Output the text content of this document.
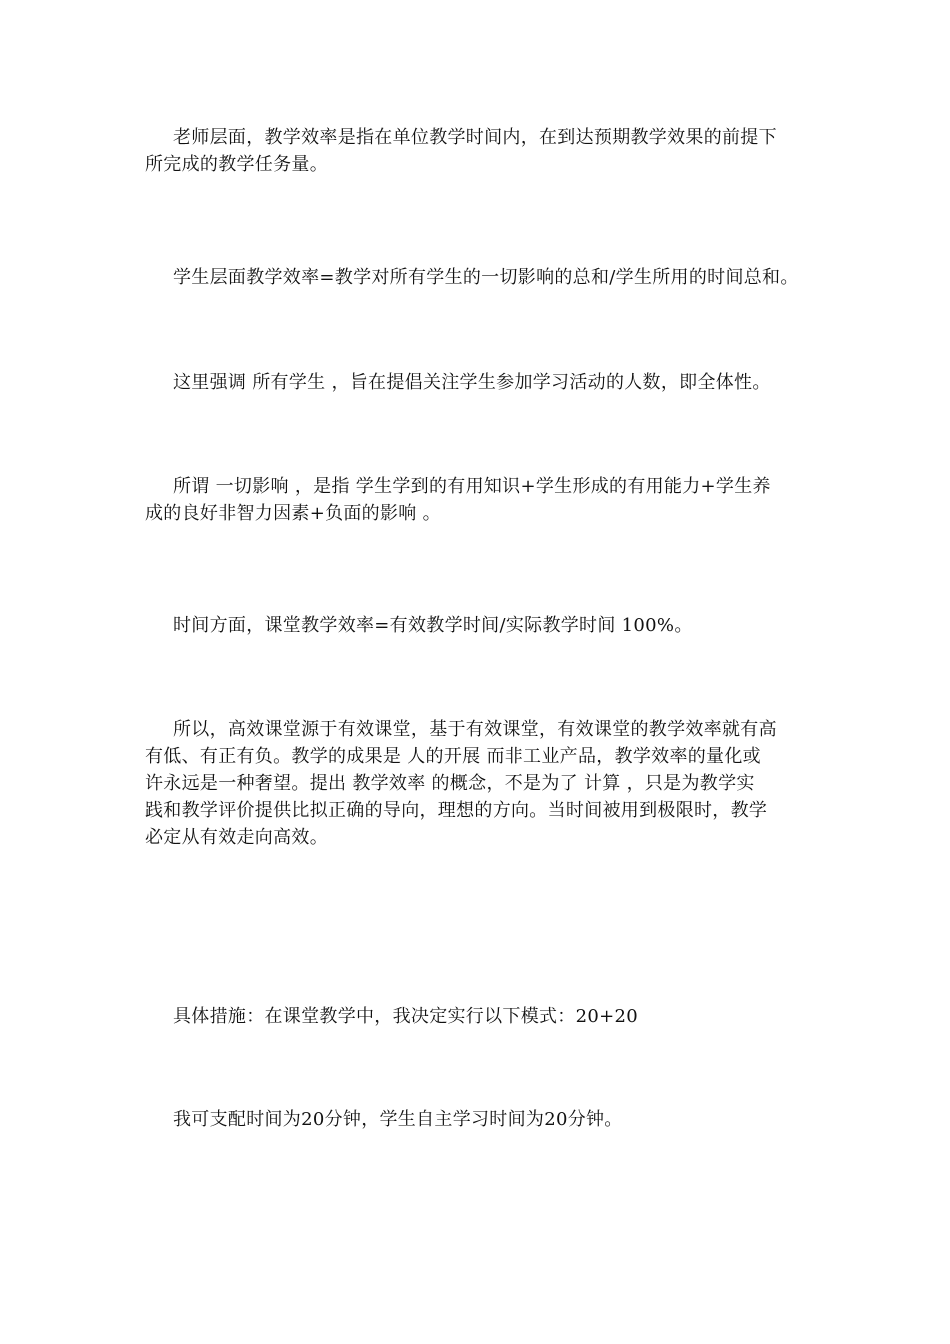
老师层面，教学效率是指在单位教学时间内，在到达预期教学效果的前提下
所完成的教学任务量。

学生层面教学效率=教学对所有学生的一切影响的总和/学生所用的时间总和。

这里强调 所有学生 ，旨在提倡关注学生参加学习活动的人数，即全体性。

所谓 一切影响 ，是指 学生学到的有用知识+学生形成的有用能力+学生养
成的良好非智力因素+负面的影响 。

时间方面，课堂教学效率=有效教学时间/实际教学时间 100%。

所以，高效课堂源于有效课堂，基于有效课堂，有效课堂的教学效率就有高
有低、有正有负。教学的成果是 人的开展 而非工业产品，教学效率的量化或
许永远是一种奢望。提出 教学效率 的概念，不是为了 计算 ，只是为教学实
践和教学评价提供比拟正确的导向，理想的方向。当时间被用到极限时，教学
必定从有效走向高效。

具体措施：在课堂教学中，我决定实行以下模式：20+20

我可支配时间为20分钟，学生自主学习时间为20分钟。
